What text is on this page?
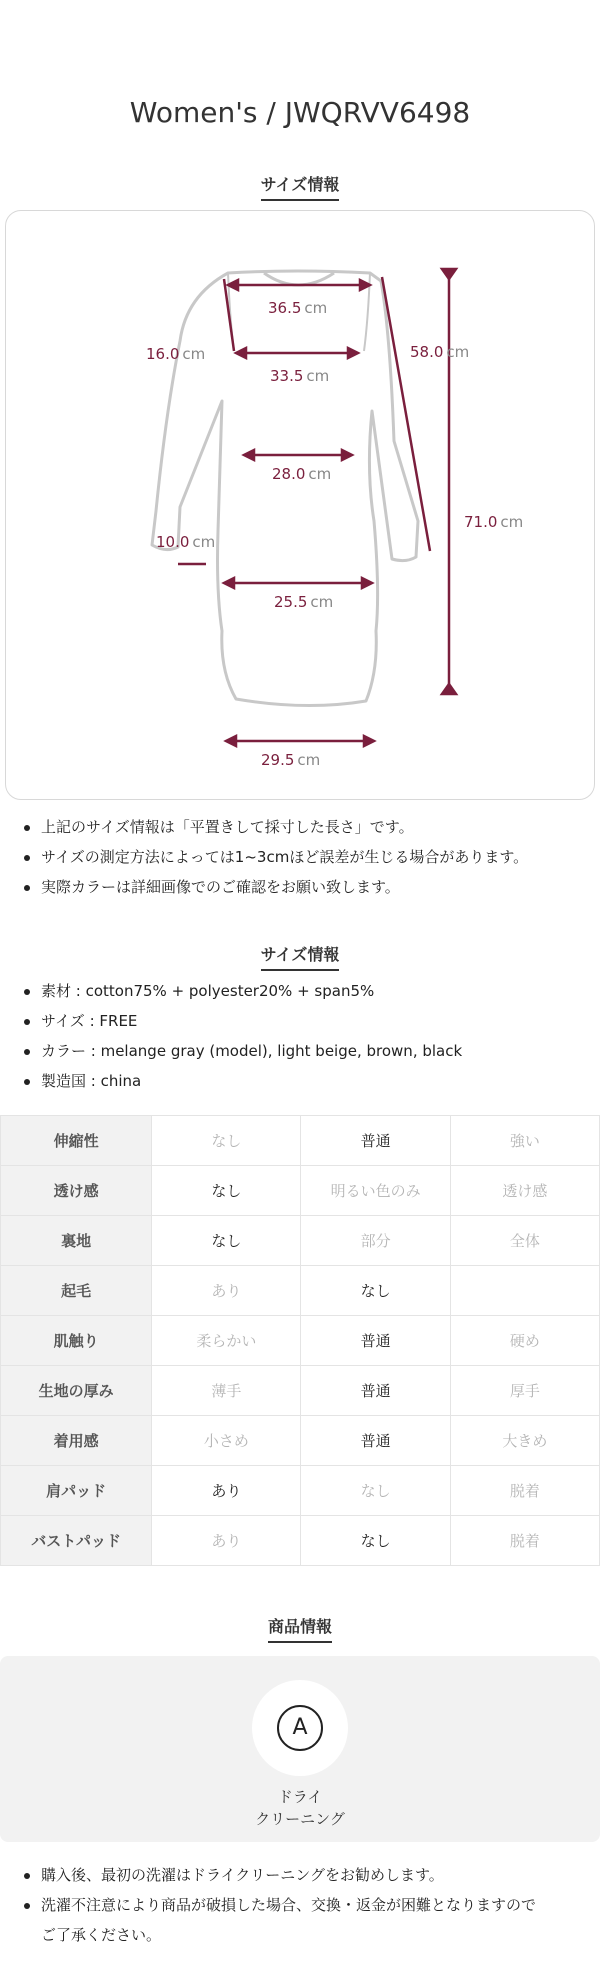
Women's / JWQRVV6498
サイズ情報
36.5 cm
16.0 cm
33.5 cm
58.0 cm
28.0 cm
71.0 cm
10.0 cm
25.5 cm
29.5 cm
上記のサイズ情報は「平置きして採寸した長さ」です。
サイズの測定方法によっては1~3cmほど誤差が生じる場合があります。
実際カラーは詳細画像でのご確認をお願い致します。
サイズ情報
素材 : cotton75% + polyester20% + span5%
サイズ : FREE
カラー : melange gray (model), light beige, brown, black
製造国 : china
伸縮性	なし	普通	強い
透け感	なし	明るい色のみ	透け感
裏地	なし	部分	全体
起毛	あり	なし	
肌触り	柔らかい	普通	硬め
生地の厚み	薄手	普通	厚手
着用感	小さめ	普通	大きめ
肩パッド	あり	なし	脱着
バストパッド	あり	なし	脱着
商品情報
A
ドライ
クリーニング
購入後、最初の洗濯はドライクリーニングをお勧めします。
洗濯不注意により商品が破損した場合、交換・返金が困難となりますので
ご了承ください。
